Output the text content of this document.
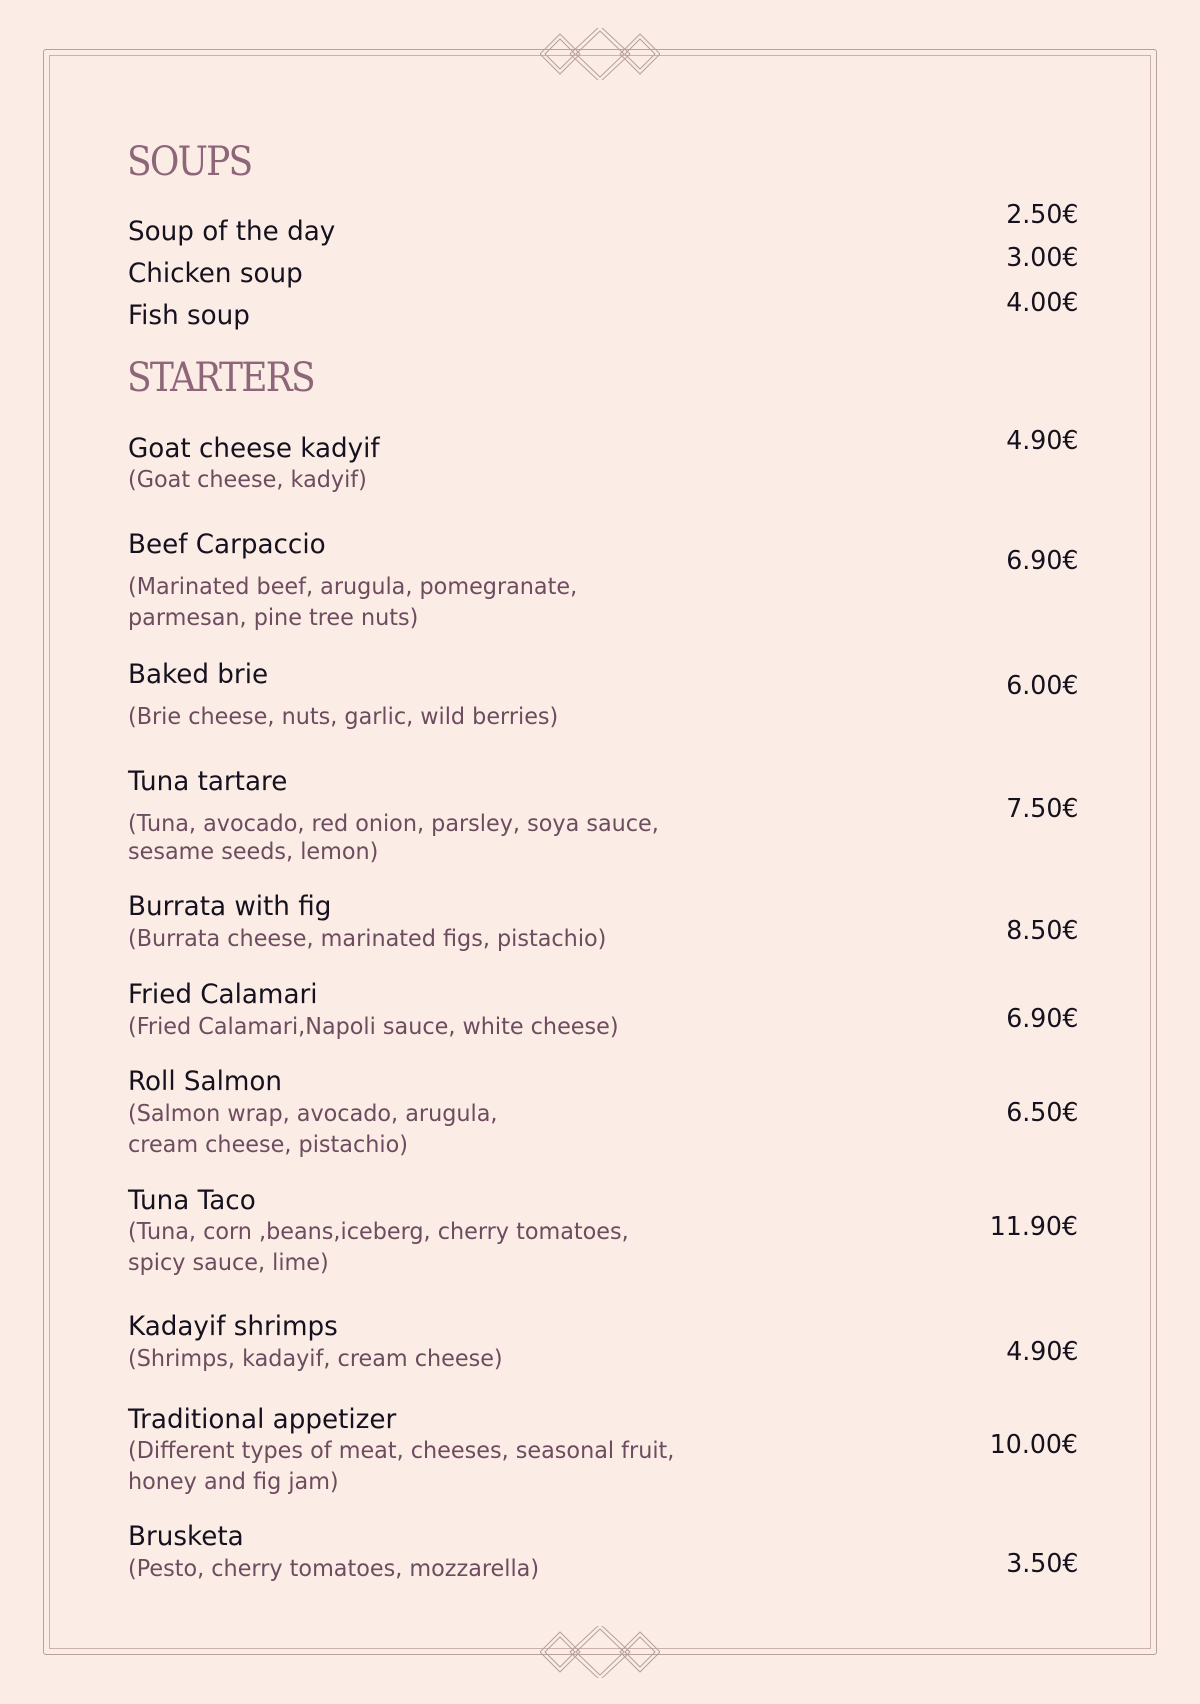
SOUPS
Soup of the day
2.50€
Chicken soup	3.00€
Fish soup	4.00€
STARTERS
Goat cheese kadyif
(Goat cheese, kadyif)
4.90€
Beef Carpaccio
(Marinated beef, arugula, pomegranate,
parmesan, pine tree nuts)
6.90€
Baked brie
(Brie cheese, nuts, garlic, wild berries)
6.00€
Tuna tartare
(Tuna, avocado, red onion, parsley, soya sauce,
sesame seeds, lemon)
7.50€
Burrata with fig
(Burrata cheese, marinated figs, pistachio)	8.50€
Fried Calamari
(Fried Calamari,Napoli sauce, white cheese)	6.90€
Roll Salmon
(Salmon wrap, avocado, arugula,
cream cheese, pistachio)
6.50€
Tuna Taco
(Tuna, corn ,beans,iceberg, cherry tomatoes,
spicy sauce, lime)
11.90€
Kadayif shrimps
(Shrimps, kadayif, cream cheese)	4.90€
Traditional appetizer
(Different types of meat, cheeses, seasonal fruit,
honey and fig jam)
10.00€
Brusketa
(Pesto, cherry tomatoes, mozzarella)	3.50€
